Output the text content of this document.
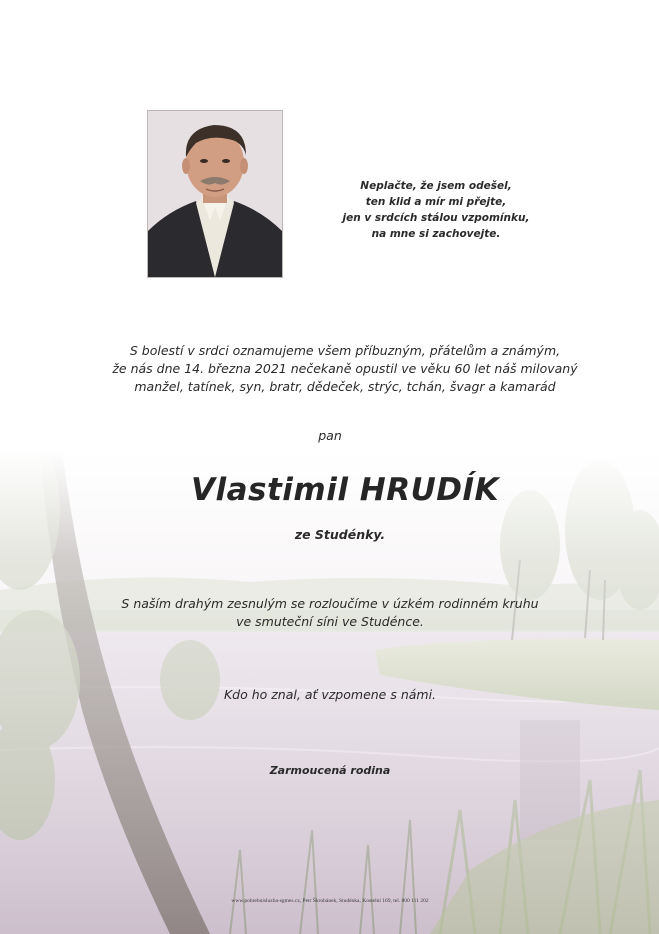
Neplačte, že jsem odešel,
ten klid a mír mi přejte,
jen v srdcích stálou vzpomínku,
na mne si zachovejte.
S bolestí v srdci oznamujeme všem příbuzným, přátelům a známým,
že nás dne 14. března 2021 nečekaně opustil ve věku 60 let náš milovaný
manžel, tatínek, syn, bratr, dědeček, strýc, tchán, švagr a kamarád
pan
Vlastimil HRUDÍK
ze Studénky.
S naším drahým zesnulým se rozloučíme v úzkém rodinném kruhu
ve smuteční síni ve Studénce.
Kdo ho znal, ať vzpomene s námi.
Zarmoucená rodina
www.pohrebnisluzba-sgmes.cz, Petr Škrobánek, Studénka, Kostelní 169, tel. 800 111 202
